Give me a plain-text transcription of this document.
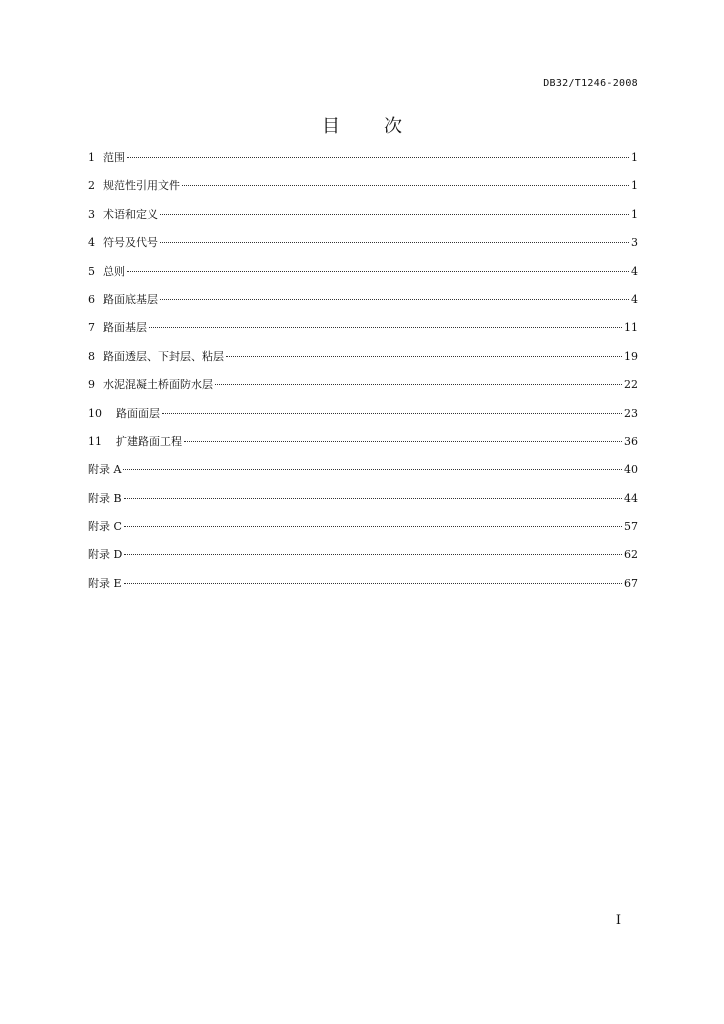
DB32/T1246-2008
目 次
1 范围	1
2 规范性引用文件	1
3 术语和定义	1
4 符号及代号	3
5 总则	4
6 路面底基层	4
7 路面基层	11
8 路面透层、下封层、粘层	19
9 水泥混凝土桥面防水层	22
10 路面面层	23
11 扩建路面工程	36
附录 A	40
附录 B	44
附录 C	57
附录 D	62
附录 E	67
I
